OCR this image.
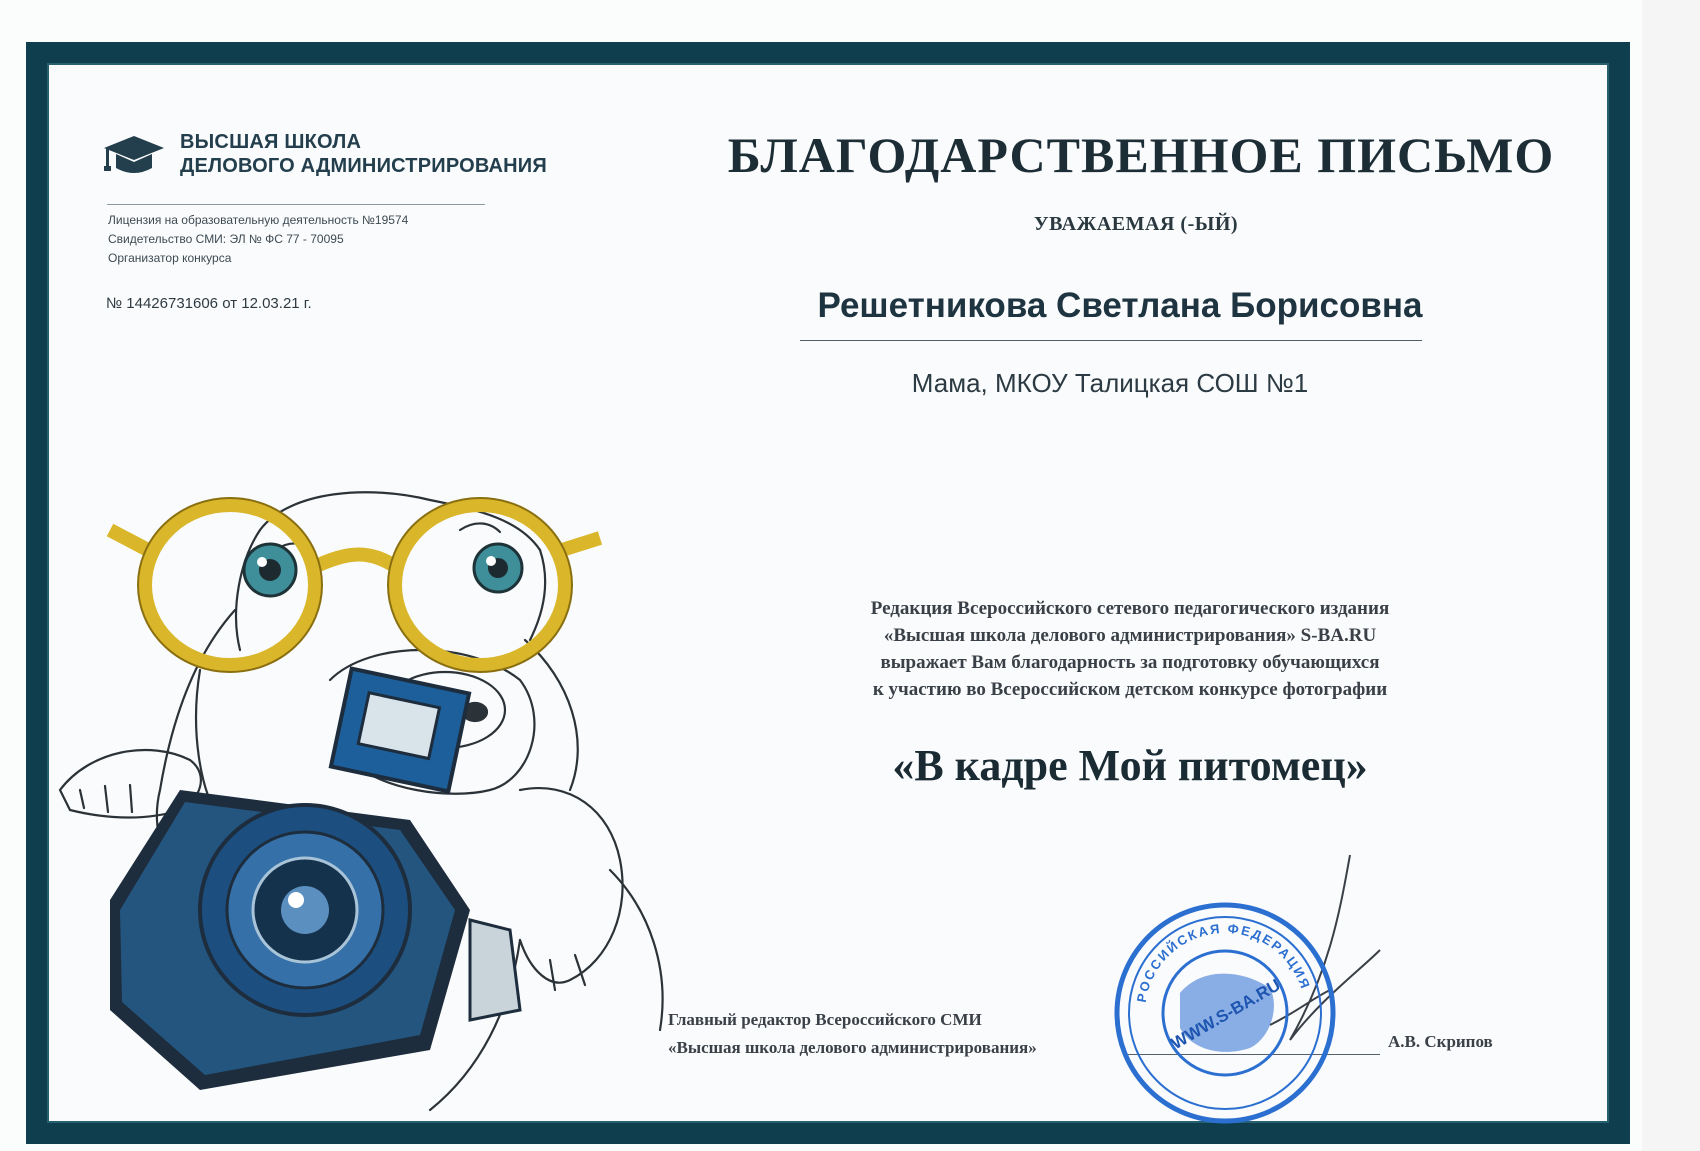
ВЫСШАЯ ШКОЛА
ДЕЛОВОГО АДМИНИСТРИРОВАНИЯ
Лицензия на образовательную деятельность №19574
Свидетельство СМИ: ЭЛ № ФС 77 - 70095
Организатор конкурса
№ 14426731606 от 12.03.21 г.
БЛАГОДАРСТВЕННОЕ ПИСЬМО
УВАЖАЕМАЯ (-ЫЙ)
Решетникова Светлана Борисовна
Мама, МКОУ Талицкая СОШ №1
Редакция Всероссийского сетевого педагогического издания
«Высшая школа делового администрирования» S-BA.RU
выражает Вам благодарность за подготовку обучающихся
к участию во Всероссийском детском конкурсе фотографии
«В кадре Мой питомец»
Главный редактор Всероссийского СМИ
«Высшая школа делового администрирования»	А.В. Скрипов
РОССИЙСКАЯ ФЕДЕРАЦИЯ
WWW.S-BA.RU
